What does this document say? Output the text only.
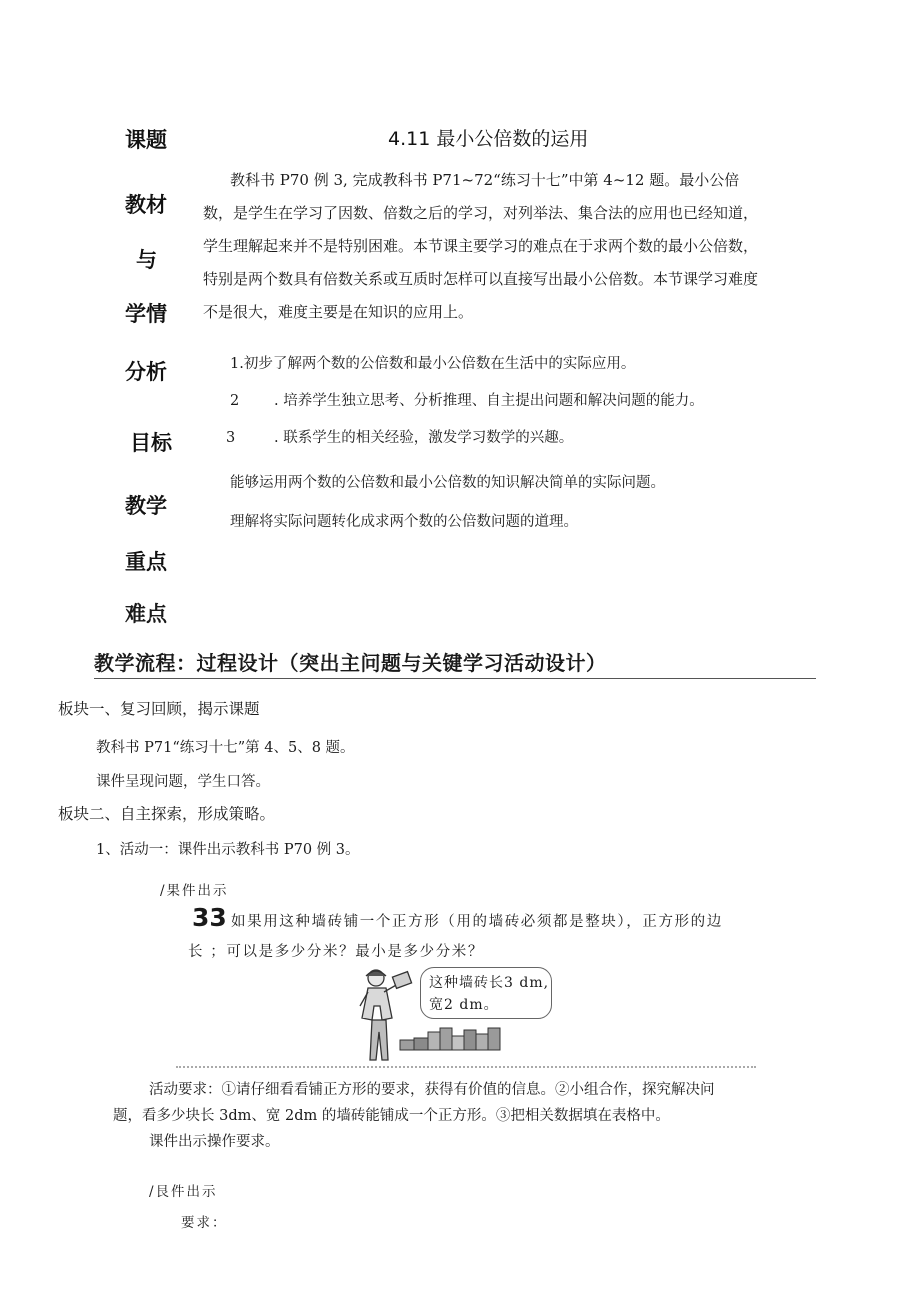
课题
教材
与
学情
分析
目标
教学
重点
难点
4.11 最小公倍数的运用
教科书 P70 例 3, 完成教科书 P71~72“练习十七”中第 4~12 题。最小公倍
数，是学生在学习了因数、倍数之后的学习，对列举法、集合法的应用也已经知道，
学生理解起来并不是特别困难。本节课主要学习的难点在于求两个数的最小公倍数，
特别是两个数具有倍数关系或互质时怎样可以直接写出最小公倍数。本节课学习难度
不是很大，难度主要是在知识的应用上。
1.初步了解两个数的公倍数和最小公倍数在生活中的实际应用。
2 . 培养学生独立思考、分析推理、自主提出问题和解决问题的能力。
3	. 联系学生的相关经验，激发学习数学的兴趣。
能够运用两个数的公倍数和最小公倍数的知识解决简单的实际问题。
理解将实际问题转化成求两个数的公倍数问题的道理。
教学流程：过程设计（突出主问题与关键学习活动设计）
板块一、复习回顾，揭示课题
教科书 P71“练习十七”第 4、5、8 题。
课件呈现问题，学生口答。
板块二、自主探索，形成策略。
1、活动一：课件出示教科书 P70 例 3。
/果件出示
33 如果用这种墙砖铺一个正方形（用的墙砖必须都是整块），正方形的边
长 ；可以是多少分米？最小是多少分米？
这种墙砖长3 dm,
宽2 dm。
活动要求：①请仔细看看铺正方形的要求，获得有价值的信息。②小组合作，探究解决问
题，看多少块长 3dm、宽 2dm 的墙砖能铺成一个正方形。③把相关数据填在表格中。
课件出示操作要求。
/艮件出示
要求：
